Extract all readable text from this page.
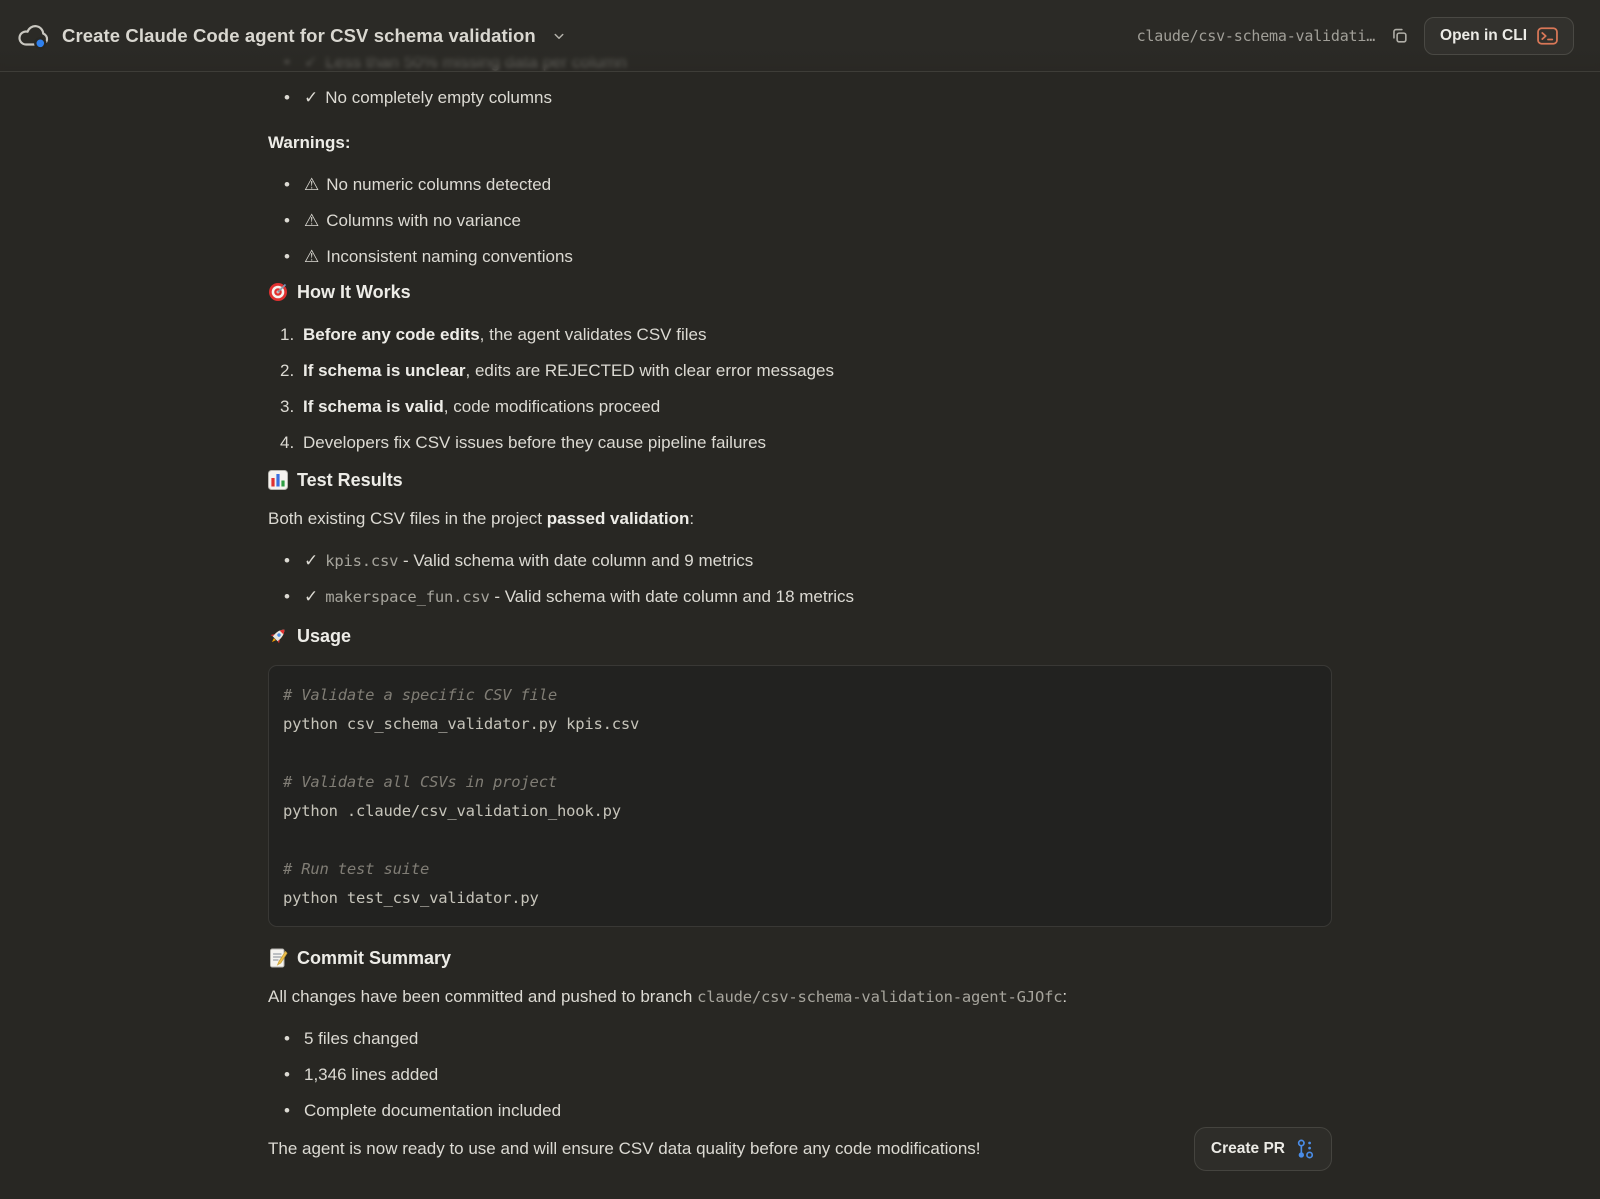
Create Claude Code agent for CSV schema validation	claude/csv-schema-validati…	Open in CLI
•
• ✓ No completely empty columns

Warnings:

• ⚠ No numeric columns detected
• ⚠ Columns with no variance
• ⚠ Inconsistent naming conventions
How It Works
Before any code edits, the agent validates CSV files
If schema is unclear, edits are REJECTED with clear error messages
If schema is valid, code modifications proceed
Developers fix CSV issues before they cause pipeline failures
Test Results

Both existing CSV files in the project passed validation:

• ✓ kpis.csv - Valid schema with date column and 9 metrics
• ✓ makerspace_fun.csv - Valid schema with date column and 18 metrics
Usage
# Validate a specific CSV file
python csv_schema_validator.py kpis.csv
# Validate all CSVs in project
python .claude/csv_validation_hook.py
# Run test suite
python test_csv_validator.py
Commit Summary

All changes have been committed and pushed to branch claude/csv-schema-validation-agent-GJOfc:

• 5 files changed
• 1,346 lines added
• Complete documentation included
The agent is now ready to use and will ensure CSV data quality before any code modifications!	Create PR
